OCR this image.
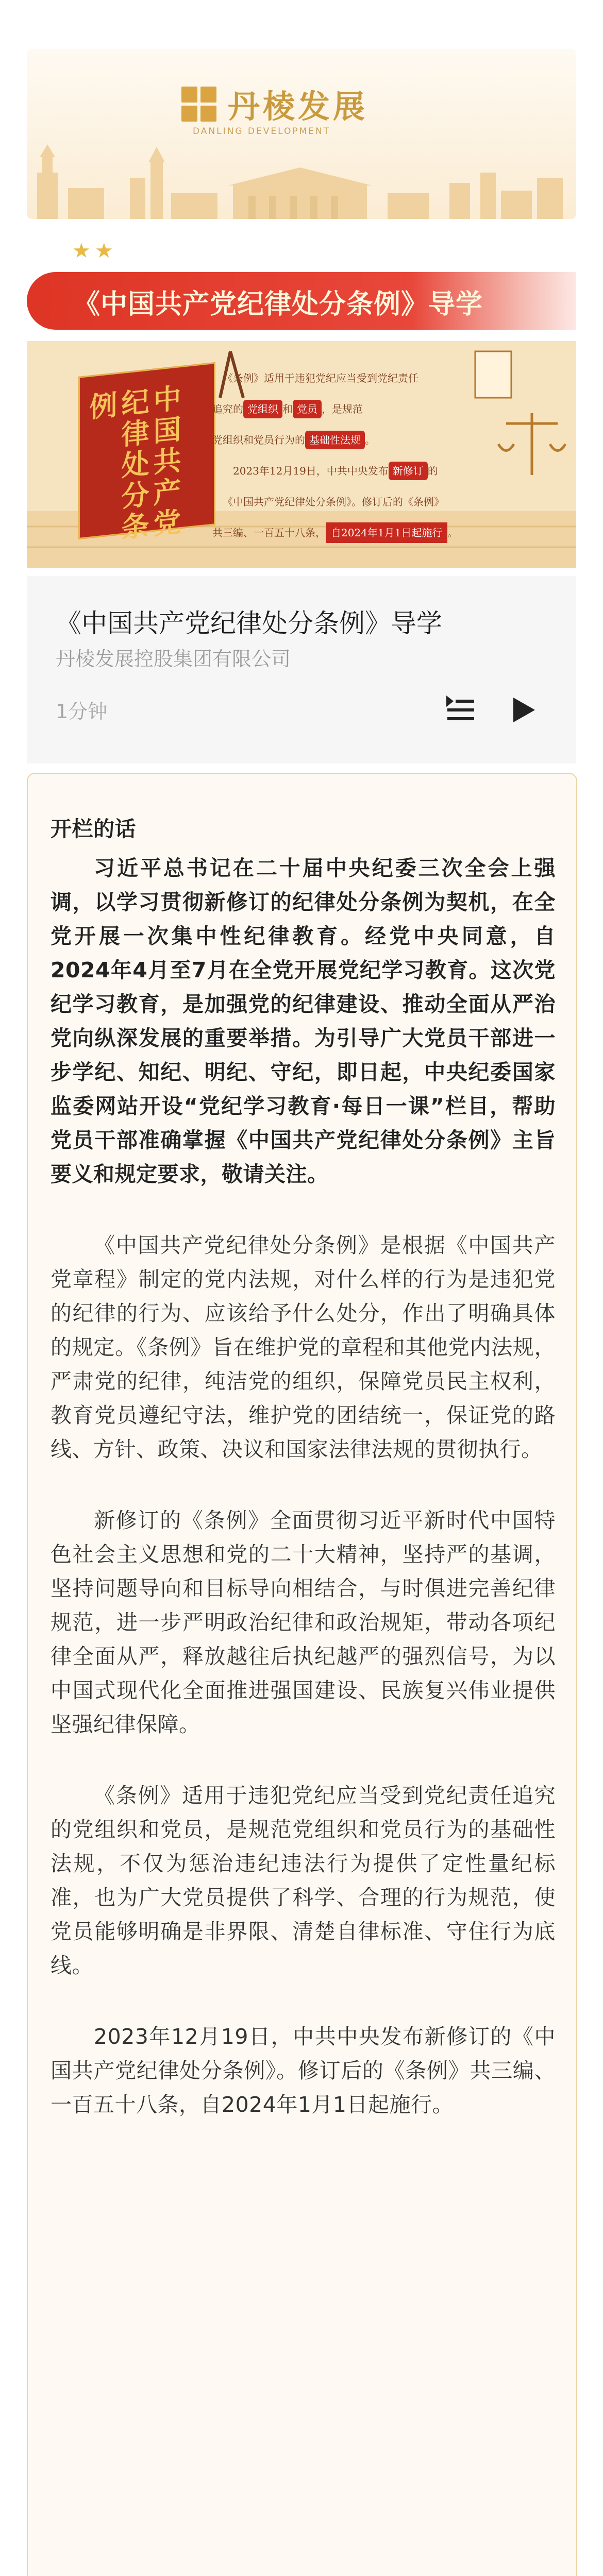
丹棱发展
DANLING DEVELOPMENT
★★
《中国共产党纪律处分条例》导学
中国共产党纪律处分条例

《条例》适用于违犯党纪应当受到党纪责任

追究的 党组织 和 党员 ，是规范

党组织和党员行为的 基础性法规 。

2023年12月19日，中共中央发布 新修订 的

《中国共产党纪律处分条例》。修订后的《条例》

共三编、一百五十八条， 自2024年1月1日起施行 。

《中国共产党纪律处分条例》导学
丹棱发展控股集团有限公司
1分钟
开栏的话

习近平总书记在二十届中央纪委三次全会上强调，以学习贯彻新修订的纪律处分条例为契机，在全党开展一次集中性纪律教育。经党中央同意，自2024年4月至7月在全党开展党纪学习教育。这次党纪学习教育，是加强党的纪律建设、推动全面从严治党向纵深发展的重要举措。为引导广大党员干部进一步学纪、知纪、明纪、守纪，即日起，中央纪委国家监委网站开设“党纪学习教育·每日一课”栏目，帮助党员干部准确掌握《中国共产党纪律处分条例》主旨要义和规定要求，敬请关注。

《中国共产党纪律处分条例》是根据《中国共产党章程》制定的党内法规，对什么样的行为是违犯党的纪律的行为、应该给予什么处分，作出了明确具体的规定。《条例》旨在维护党的章程和其他党内法规，严肃党的纪律，纯洁党的组织，保障党员民主权利，教育党员遵纪守法，维护党的团结统一，保证党的路线、方针、政策、决议和国家法律法规的贯彻执行。

新修订的《条例》全面贯彻习近平新时代中国特色社会主义思想和党的二十大精神，坚持严的基调，坚持问题导向和目标导向相结合，与时俱进完善纪律规范，进一步严明政治纪律和政治规矩，带动各项纪律全面从严，释放越往后执纪越严的强烈信号，为以中国式现代化全面推进强国建设、民族复兴伟业提供坚强纪律保障。

《条例》适用于违犯党纪应当受到党纪责任追究的党组织和党员，是规范党组织和党员行为的基础性法规，不仅为惩治违纪违法行为提供了定性量纪标准，也为广大党员提供了科学、合理的行为规范，使党员能够明确是非界限、清楚自律标准、守住行为底线。

2023年12月19日，中共中央发布新修订的《中国共产党纪律处分条例》。修订后的《条例》共三编、一百五十八条，自2024年1月1日起施行。
